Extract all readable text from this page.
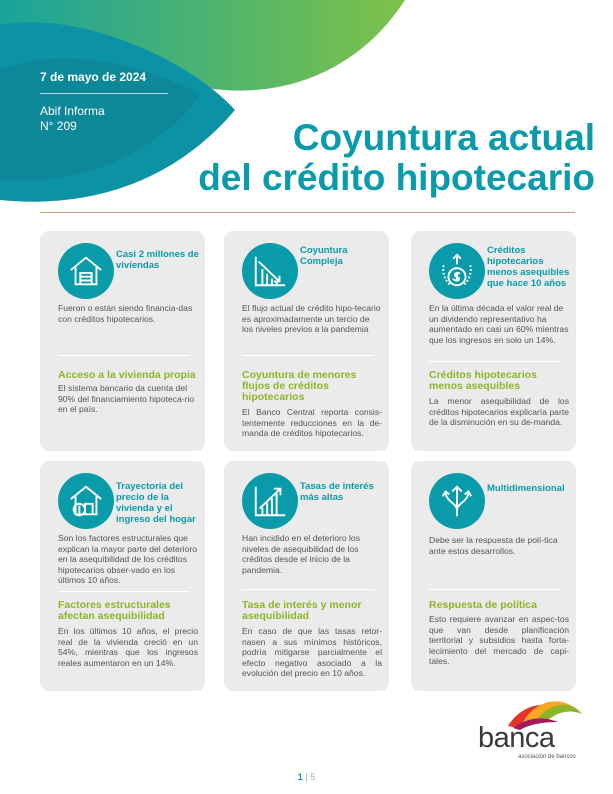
7 de mayo de 2024
Abif Informa
N° 209	Coyuntura actual
del crédito hipotecario
Casi 2 millones de viviendas
Fueron o están siendo financia-das con créditos hipotecarios.
Acceso a la vivienda propia
El sistema bancario da cuenta del 90% del financiamiento hipoteca-rio en el país.
Coyuntura Compleja
El flujo actual de crédito hipo-tecario es aproximadamente un tercio de los niveles previos a la pandemia
Coyuntura de menores flujos de créditos hipotecarios
El Banco Central reporta consis-tentemente reducciones en la de-manda de créditos hipotecarios.
Créditos hipotecarios menos asequibles que hace 10 años
En la última década el valor real de un dividendo representativo ha aumentado en casi un 60% mientras que los ingresos en solo un 14%.
Créditos hipotecarios menos asequibles
La menor asequibilidad de los créditos hipotecarios explicaría parte de la disminución en su de-manda.
Trayectoria del precio de la vivienda y el ingreso del hogar
Son los factores estructurales que explican la mayor parte del deterioro en la asequibilidad de los créditos hipotecarios obser-vado en los últimos 10 años.
Factores estructurales afectan asequibilidad
En los últimos 10 años, el precio real de la vivienda creció en un 54%, mientras que los ingresos reales aumentaron en un 14%.
Tasas de interés más altas
Han incidido en el deterioro los niveles de asequibilidad de los créditos desde el inicio de la pandemia.
Tasa de interés y menor asequibilidad
En caso de que las tasas retor-nasen a sus mínimos históricos, podría mitigarse parcialmente el efecto negativo asociado a la evolución del precio en 10 años.
Multidimensional
Debe ser la respuesta de polí-tica ante estos desarrollos.
Respuesta de política
Esto requiere avanzar en aspec-tos que van desde planificación territorial y subsidios hasta forta-lecimiento del mercado de capi-tales.
banca
asociación de bancos
1 | 5
